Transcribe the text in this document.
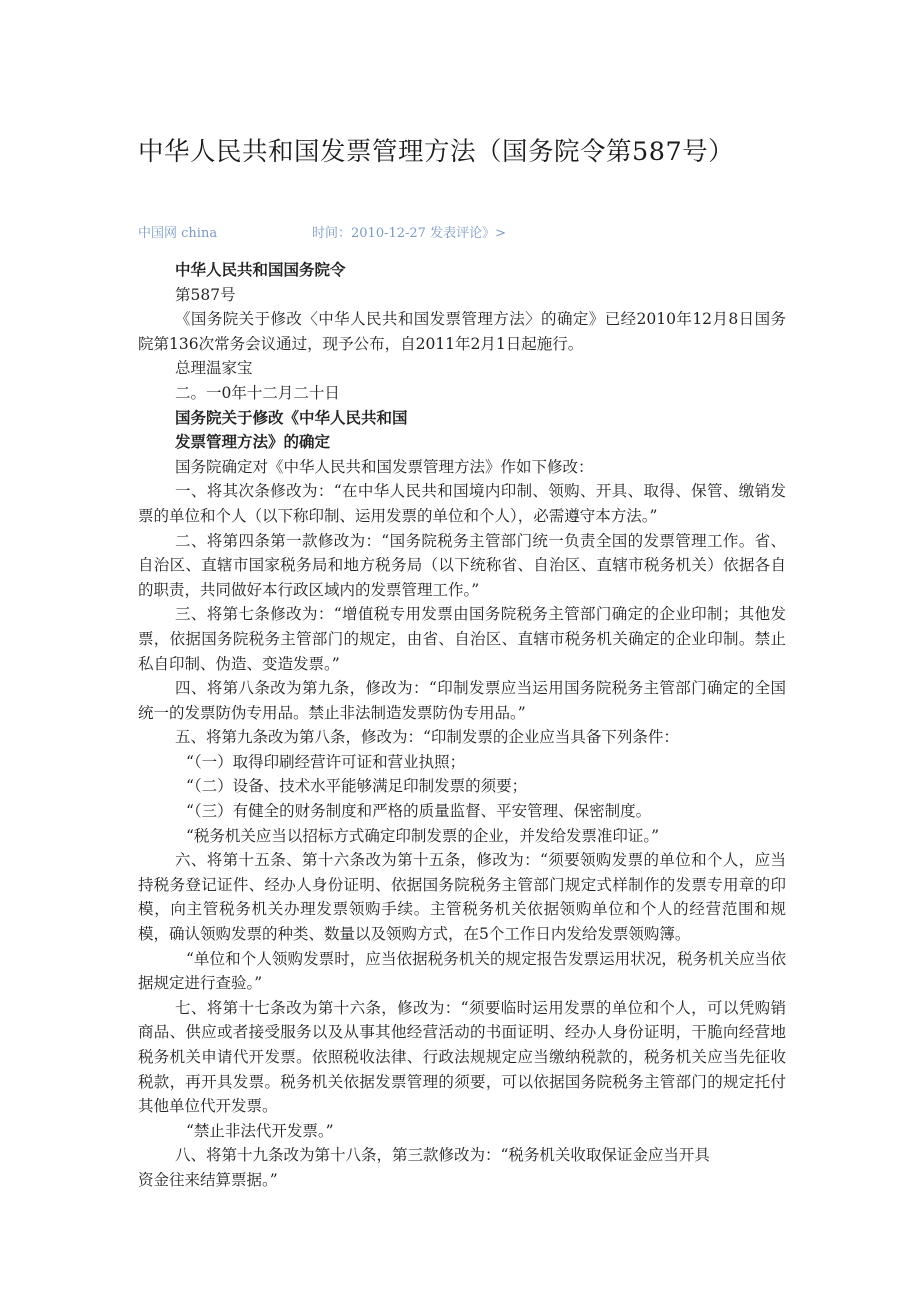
中华人民共和国发票管理方法（国务院令第587号）
中国网 china	时间：2010-12-27 发表评论》>

中华人民共和国国务院令

第587号

《国务院关于修改〈中华人民共和国发票管理方法〉的确定》已经2010年12月8日国务院第136次常务会议通过，现予公布，自2011年2月1日起施行。

总理温家宝

二。一0年十二月二十日

国务院关于修改《中华人民共和国

发票管理方法》的确定

国务院确定对《中华人民共和国发票管理方法》作如下修改：

一、将其次条修改为：“在中华人民共和国境内印制、领购、开具、取得、保管、缴销发票的单位和个人（以下称印制、运用发票的单位和个人），必需遵守本方法。”

二、将第四条第一款修改为：“国务院税务主管部门统一负责全国的发票管理工作。省、自治区、直辖市国家税务局和地方税务局（以下统称省、自治区、直辖市税务机关）依据各自的职责，共同做好本行政区域内的发票管理工作。”

三、将第七条修改为：“增值税专用发票由国务院税务主管部门确定的企业印制；其他发票，依据国务院税务主管部门的规定，由省、自治区、直辖市税务机关确定的企业印制。禁止私自印制、伪造、变造发票。”

四、将第八条改为第九条，修改为：“印制发票应当运用国务院税务主管部门确定的全国统一的发票防伪专用品。禁止非法制造发票防伪专用品。”

五、将第九条改为第八条，修改为：“印制发票的企业应当具备下列条件：

“（一）取得印刷经营许可证和营业执照；

“（二）设备、技术水平能够满足印制发票的须要；

“（三）有健全的财务制度和严格的质量监督、平安管理、保密制度。

“税务机关应当以招标方式确定印制发票的企业，并发给发票准印证。”

六、将第十五条、第十六条改为第十五条，修改为：“须要领购发票的单位和个人，应当持税务登记证件、经办人身份证明、依据国务院税务主管部门规定式样制作的发票专用章的印模，向主管税务机关办理发票领购手续。主管税务机关依据领购单位和个人的经营范围和规模，确认领购发票的种类、数量以及领购方式，在5个工作日内发给发票领购簿。

“单位和个人领购发票时，应当依据税务机关的规定报告发票运用状况，税务机关应当依据规定进行查验。”

七、将第十七条改为第十六条，修改为：“须要临时运用发票的单位和个人，可以凭购销商品、供应或者接受服务以及从事其他经营活动的书面证明、经办人身份证明，干脆向经营地税务机关申请代开发票。依照税收法律、行政法规规定应当缴纳税款的，税务机关应当先征收税款，再开具发票。税务机关依据发票管理的须要，可以依据国务院税务主管部门的规定托付其他单位代开发票。

“禁止非法代开发票。”

八、将第十九条改为第十八条，第三款修改为：“税务机关收取保证金应当开具

资金往来结算票据。”
